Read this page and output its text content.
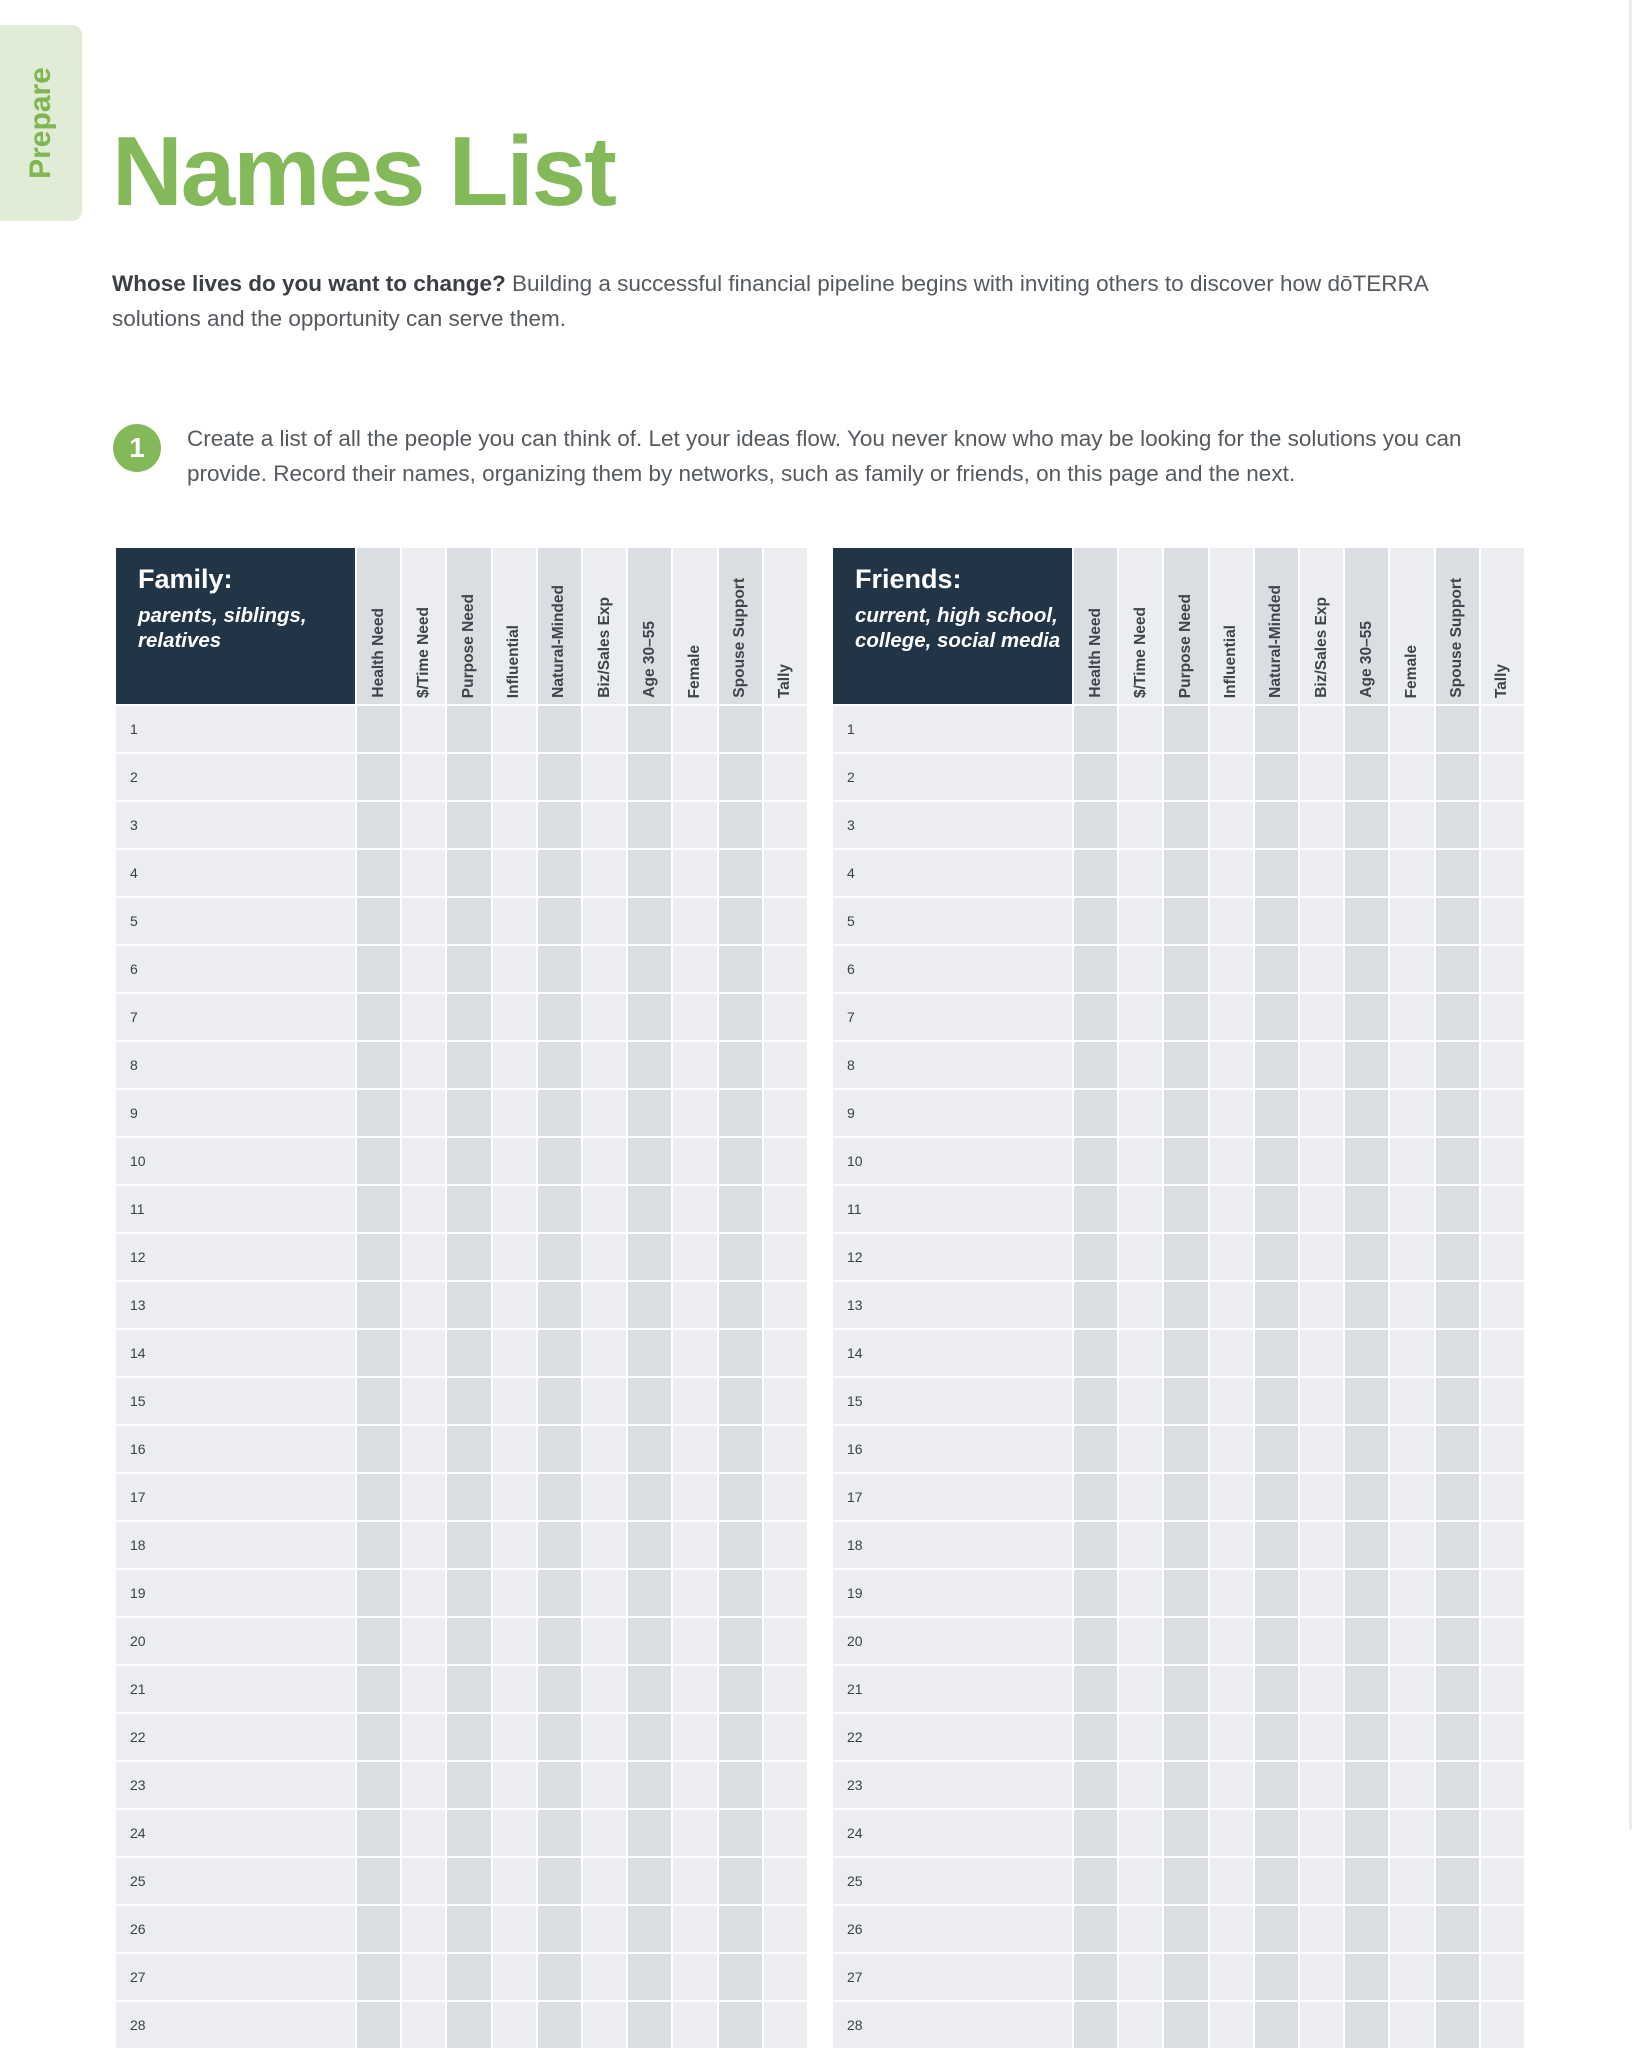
Prepare Names List

Whose lives do you want to change? Building a successful financial pipeline begins with inviting others to discover how dōTERRA solutions and the opportunity can serve them.

1	Create a list of all the people you can think of. Let your ideas flow. You never know who may be looking for the solutions you can provide. Record their names, organizing them by networks, such as family or friends, on this page and the next.

Family:
parents, siblings, relatives	Health Need	$/Time Need	Purpose Need	Influential	Natural-Minded	Biz/Sales Exp	Age 30–55	Female	Spouse Support	Tally

1										
2										
3										
4										
5										
6										
7										
8										
9										
10										
11										
12										
13										
14										
15										
16										
17										
18										
19										
20										
21										
22										
23										
24										
25										
26										
27										
28										
Friends:
current, high school, college, social media	Health Need	$/Time Need	Purpose Need	Influential	Natural-Minded	Biz/Sales Exp	Age 30–55	Female	Spouse Support	Tally

1										
2										
3										
4										
5										
6										
7										
8										
9										
10										
11										
12										
13										
14										
15										
16										
17										
18										
19										
20										
21										
22										
23										
24										
25										
26										
27										
28										
